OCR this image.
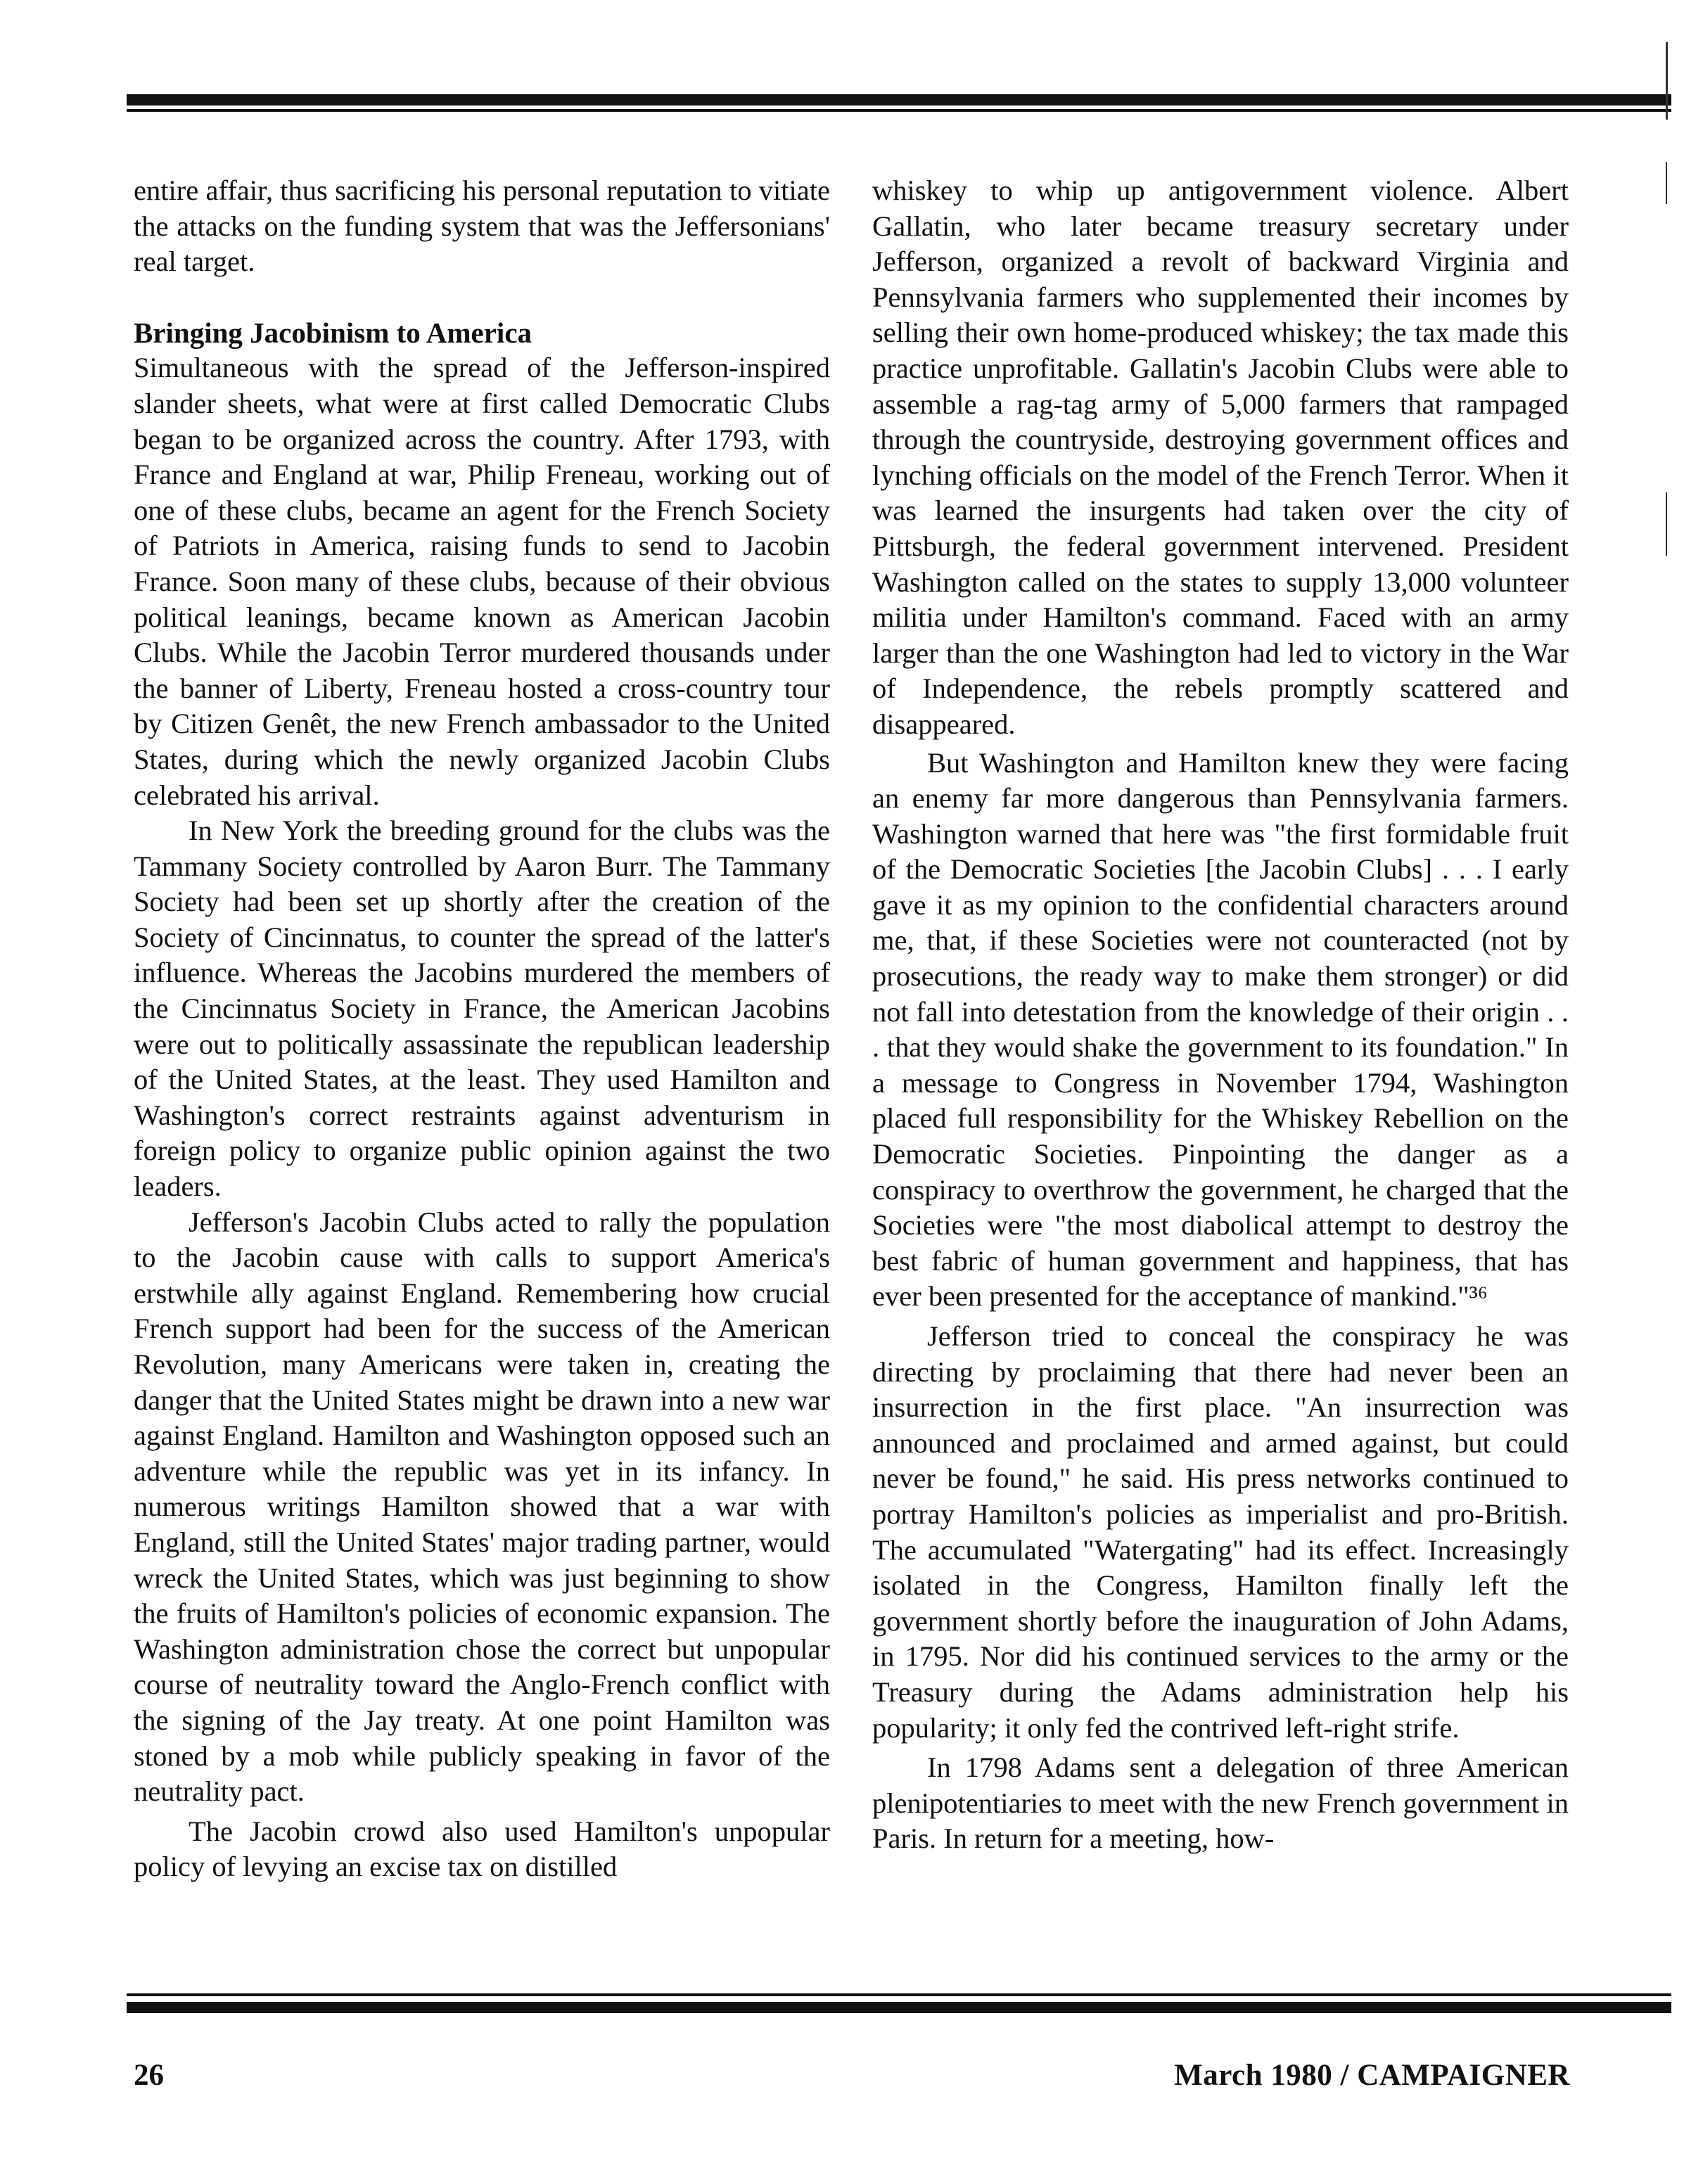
entire affair, thus sacrificing his personal reputation to vitiate the attacks on the funding system that was the Jeffersonians' real target.

Bringing Jacobinism to America

Simultaneous with the spread of the Jefferson-inspired slander sheets, what were at first called Democratic Clubs began to be organized across the country. After 1793, with France and England at war, Philip Freneau, working out of one of these clubs, became an agent for the French Society of Patriots in America, raising funds to send to Jacobin France. Soon many of these clubs, because of their obvious political leanings, became known as American Jacobin Clubs. While the Jacobin Terror murdered thousands under the banner of Liberty, Freneau hosted a cross-country tour by Citizen Genêt, the new French ambassador to the United States, during which the newly organized Jacobin Clubs celebrated his arrival.

In New York the breeding ground for the clubs was the Tammany Society controlled by Aaron Burr. The Tammany Society had been set up shortly after the creation of the Society of Cincinnatus, to counter the spread of the latter's influence. Whereas the Jacobins murdered the members of the Cincinnatus Society in France, the American Jacobins were out to politically assassinate the republican leadership of the United States, at the least. They used Hamilton and Washington's correct restraints against adventurism in foreign policy to organize public opinion against the two leaders.

Jefferson's Jacobin Clubs acted to rally the population to the Jacobin cause with calls to support America's erstwhile ally against England. Remembering how crucial French support had been for the success of the American Revolution, many Americans were taken in, creating the danger that the United States might be drawn into a new war against England. Hamilton and Washington opposed such an adventure while the republic was yet in its infancy. In numerous writings Hamilton showed that a war with England, still the United States' major trading partner, would wreck the United States, which was just beginning to show the fruits of Hamilton's policies of economic expansion. The Washington administration chose the correct but unpopular course of neutrality toward the Anglo-French conflict with the signing of the Jay treaty. At one point Hamilton was stoned by a mob while publicly speaking in favor of the neutrality pact.

The Jacobin crowd also used Hamilton's unpopular policy of levying an excise tax on distilled

whiskey to whip up antigovernment violence. Albert Gallatin, who later became treasury secretary under Jefferson, organized a revolt of backward Virginia and Pennsylvania farmers who supplemented their incomes by selling their own home-produced whiskey; the tax made this practice unprofitable. Gallatin's Jacobin Clubs were able to assemble a rag-tag army of 5,000 farmers that rampaged through the countryside, destroying government offices and lynching officials on the model of the French Terror. When it was learned the insurgents had taken over the city of Pittsburgh, the federal government intervened. President Washington called on the states to supply 13,000 volunteer militia under Hamilton's command. Faced with an army larger than the one Washington had led to victory in the War of Independence, the rebels promptly scattered and disappeared.

But Washington and Hamilton knew they were facing an enemy far more dangerous than Pennsylvania farmers. Washington warned that here was "the first formidable fruit of the Democratic Societies [the Jacobin Clubs] . . . I early gave it as my opinion to the confidential characters around me, that, if these Societies were not counteracted (not by prosecutions, the ready way to make them stronger) or did not fall into detestation from the knowledge of their origin . . . that they would shake the government to its foundation." In a message to Congress in November 1794, Washington placed full responsibility for the Whiskey Rebellion on the Democratic Societies. Pinpointing the danger as a conspiracy to overthrow the government, he charged that the Societies were "the most diabolical attempt to destroy the best fabric of human government and happiness, that has ever been presented for the acceptance of mankind."³⁶

Jefferson tried to conceal the conspiracy he was directing by proclaiming that there had never been an insurrection in the first place. "An insurrection was announced and proclaimed and armed against, but could never be found," he said. His press networks continued to portray Hamilton's policies as imperialist and pro-British. The accumulated "Watergating" had its effect. Increasingly isolated in the Congress, Hamilton finally left the government shortly before the inauguration of John Adams, in 1795. Nor did his continued services to the army or the Treasury during the Adams administration help his popularity; it only fed the contrived left-right strife.

In 1798 Adams sent a delegation of three American plenipotentiaries to meet with the new French government in Paris. In return for a meeting, how-

26	March 1980 / CAMPAIGNER
